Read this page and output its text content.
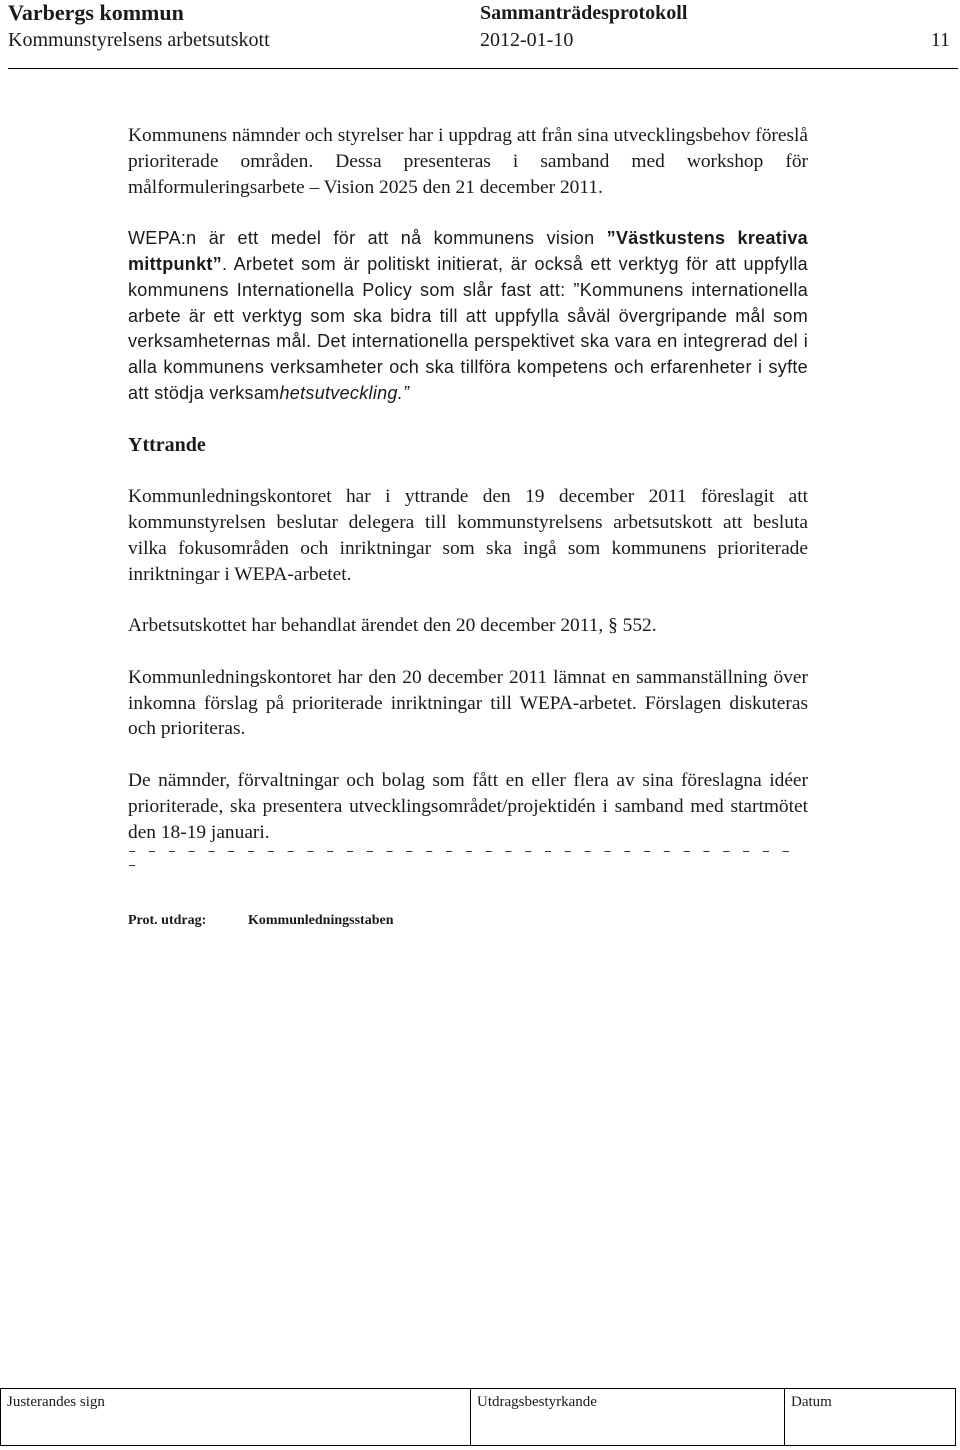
Varbergs kommun
Kommunstyrelsens arbetsutskott
Sammanträdesprotokoll
2012-01-10	11

Kommunens nämnder och styrelser har i uppdrag att från sina utvecklingsbehov föreslå prioriterade områden. Dessa presenteras i samband med workshop för målformuleringsarbete – Vision 2025 den 21 december 2011.

WEPA:n är ett medel för att nå kommunens vision ”Västkustens kreativa mittpunkt”. Arbetet som är politiskt initierat, är också ett verktyg för att uppfylla kommunens Internationella Policy som slår fast att: ”Kommunens internationella arbete är ett verktyg som ska bidra till att uppfylla såväl övergripande mål som verksamheternas mål. Det internationella perspektivet ska vara en integrerad del i alla kommunens verksamheter och ska tillföra kompetens och erfarenheter i syfte att stödja verksamhetsutveckling.”

Yttrande

Kommunledningskontoret har i yttrande den 19 december 2011 föreslagit att kommunstyrelsen beslutar delegera till kommunstyrelsens arbetsutskott att besluta vilka fokusområden och inriktningar som ska ingå som kommunens prioriterade inriktningar i WEPA-arbetet.

Arbetsutskottet har behandlat ärendet den 20 december 2011, § 552.

Kommunledningskontoret har den 20 december 2011 lämnat en sammanställning över inkomna förslag på prioriterade inriktningar till WEPA-arbetet. Förslagen diskuteras och prioriteras.

De nämnder, förvaltningar och bolag som fått en eller flera av sina föreslagna idéer prioriterade, ska presentera utvecklingsområdet/projektidén i samband med startmötet den 18-19 januari.

– – – – – – – – – – – – – – – – – – – – – – – – – – – – – – – – – – –
Prot. utdrag:	Kommunledningsstaben
Justerandes sign	Utdragsbestyrkande	Datum
